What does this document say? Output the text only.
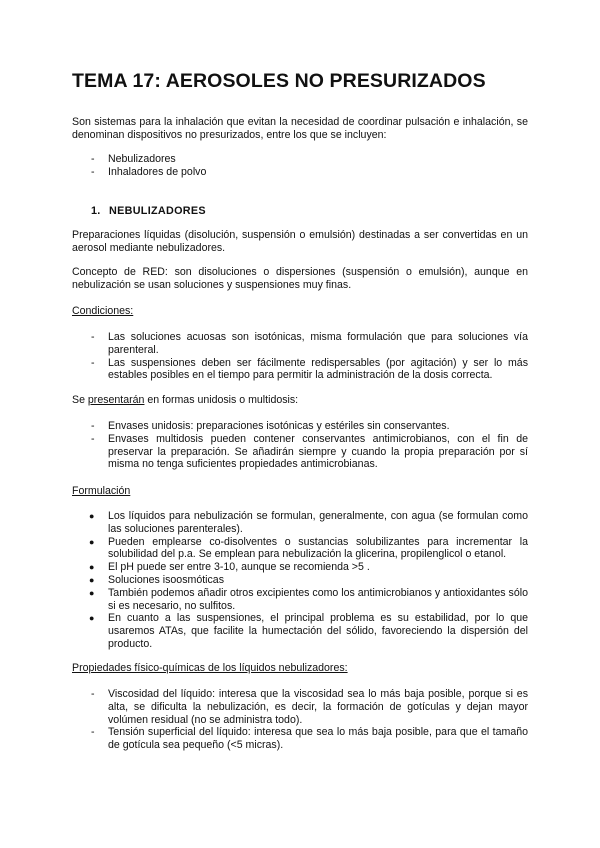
TEMA 17: AEROSOLES NO PRESURIZADOS

Son sistemas para la inhalación que evitan la necesidad de coordinar pulsación e inhalación, se denominan dispositivos no presurizados, entre los que se incluyen:

- Nebulizadores
- Inhaladores de polvo
1. NEBULIZADORES

Preparaciones líquidas (disolución, suspensión o emulsión) destinadas a ser convertidas en un aerosol mediante nebulizadores.

Concepto de RED: son disoluciones o dispersiones (suspensión o emulsión), aunque en nebulización se usan soluciones y suspensiones muy finas.

Condiciones:

- Las soluciones acuosas son isotónicas, misma formulación que para soluciones vía parenteral.
- Las suspensiones deben ser fácilmente redispersables (por agitación) y ser lo más estables posibles en el tiempo para permitir la administración de la dosis correcta.

Se presentarán en formas unidosis o multidosis:

- Envases unidosis: preparaciones isotónicas y estériles sin conservantes.
- Envases multidosis pueden contener conservantes antimicrobianos, con el fin de preservar la preparación. Se añadirán siempre y cuando la propia preparación por sí misma no tenga suficientes propiedades antimicrobianas.

Formulación

● Los líquidos para nebulización se formulan, generalmente, con agua (se formulan como las soluciones parenterales).
● Pueden emplearse co-disolventes o sustancias solubilizantes para incrementar la solubilidad del p.a. Se emplean para nebulización la glicerina, propilenglicol o etanol.
● El pH puede ser entre 3-10, aunque se recomienda >5 .
● Soluciones isoosmóticas
● También podemos añadir otros excipientes como los antimicrobianos y antioxidantes sólo si es necesario, no sulfitos.
● En cuanto a las suspensiones, el principal problema es su estabilidad, por lo que usaremos ATAs, que facilite la humectación del sólido, favoreciendo la dispersión del producto.

Propiedades físico-químicas de los líquidos nebulizadores:

- Viscosidad del líquido: interesa que la viscosidad sea lo más baja posible, porque si es alta, se dificulta la nebulización, es decir, la formación de gotículas y dejan mayor volúmen residual (no se administra todo).
- Tensión superficial del líquido: interesa que sea lo más baja posible, para que el tamaño de gotícula sea pequeño (<5 micras).
